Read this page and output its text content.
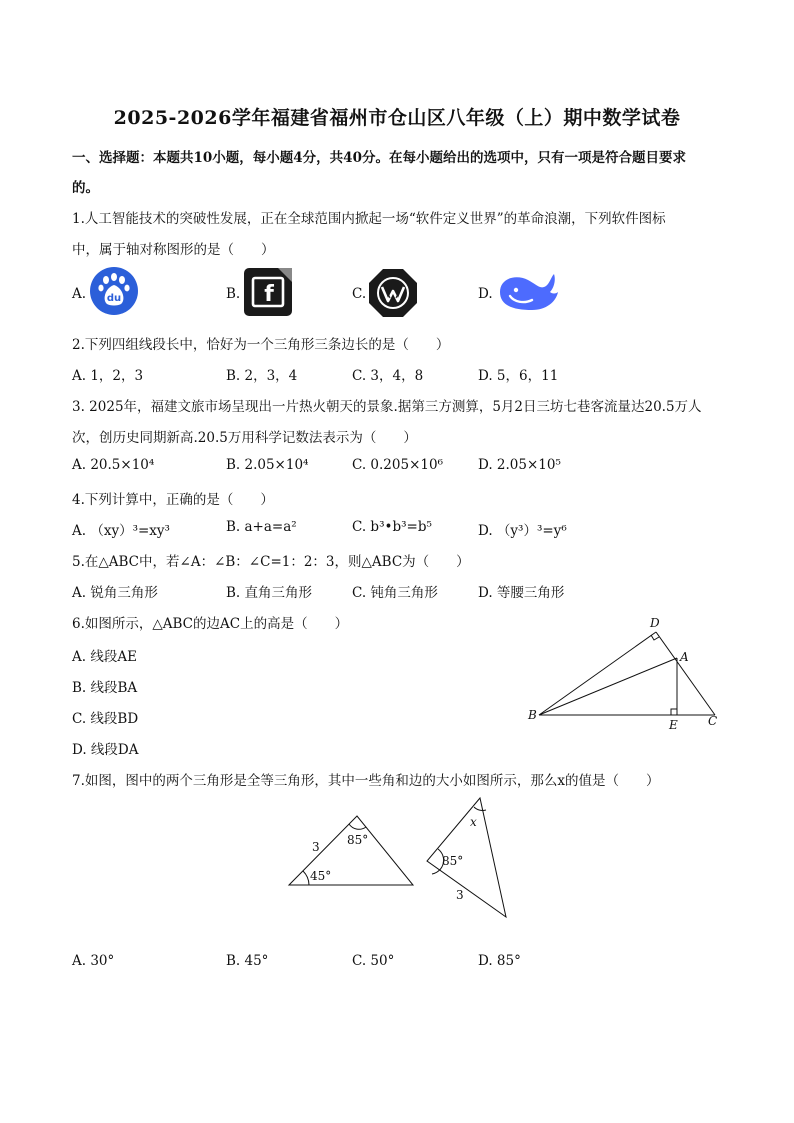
2025-2026学年福建省福州市仓山区八年级（上）期中数学试卷
一、选择题：本题共10小题，每小题4分，共40分。在每小题给出的选项中，只有一项是符合题目要求
的。
1.人工智能技术的突破性发展，正在全球范围内掀起一场“软件定义世界”的革命浪潮，下列软件图标
中，属于轴对称图形的是（　　）
A. du	B. f	C.	D.
2.下列四组线段长中，恰好为一个三角形三条边长的是（　　）
A. 1，2，3	B. 2，3，4	C. 3，4，8	D. 5，6，11
3. 2025年，福建文旅市场呈现出一片热火朝天的景象.据第三方测算，5月2日三坊七巷客流量达20.5万人
次，创历史同期新高.20.5万用科学记数法表示为（　　）
A. 20.5×10⁴	B. 2.05×10⁴	C. 0.205×10⁶	D. 2.05×10⁵
4.下列计算中，正确的是（　　）
A. （xy）³=xy³	B. a+a=a²	C. b³•b³=b⁵	D. （y³）³=y⁶
5.在△ABC中，若∠A：∠B：∠C=1：2：3，则△ABC为（　　）
A. 锐角三角形	B. 直角三角形	C. 钝角三角形	D. 等腰三角形
6.如图所示，△ABC的边AC上的高是（　　）
A. 线段AE
B. 线段BA
C. 线段BD
D. 线段DA
D
A
B
E	C
7.如图，图中的两个三角形是全等三角形，其中一些角和边的大小如图所示，那么x的值是（　　）
3 85°
45°
85°
3
x
A. 30°	B. 45°	C. 50°	D. 85°
